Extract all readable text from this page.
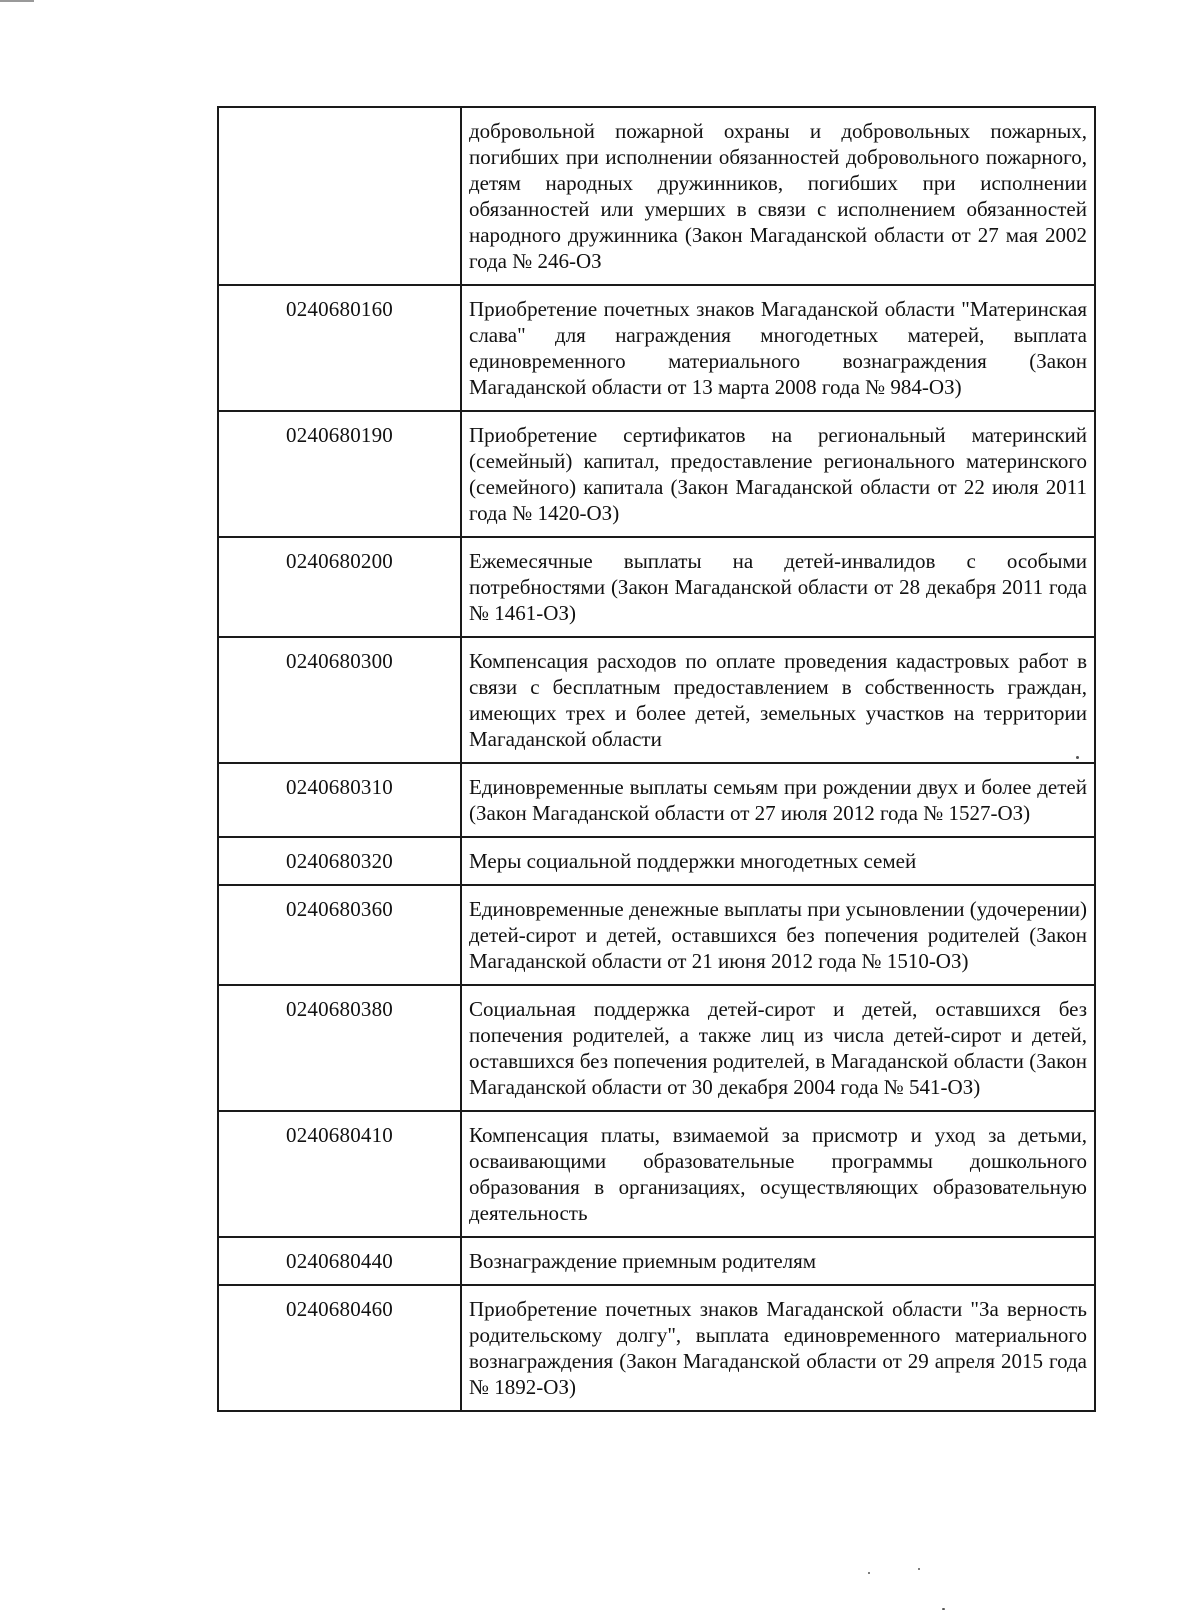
	добровольной пожарной охраны и добровольных пожарных, погибших при исполнении обязанностей добровольного пожарного, детям народных дружинников, погибших при исполнении обязанностей или умерших в связи с исполнением обязанностей народного дружинника (Закон Магаданской области от 27 мая 2002 года № 246-ОЗ
0240680160	Приобретение почетных знаков Магаданской области "Материнская слава" для награждения многодетных матерей, выплата единовременного материального вознаграждения (Закон Магаданской области от 13 марта 2008 года № 984-ОЗ)
0240680190	Приобретение сертификатов на региональный материнский (семейный) капитал, предоставление регионального материнского (семейного) капитала (Закон Магаданской области от 22 июля 2011 года № 1420-ОЗ)
0240680200	Ежемесячные выплаты на детей-инвалидов с особыми потребностями (Закон Магаданской области от 28 декабря 2011 года № 1461-ОЗ)
0240680300	Компенсация расходов по оплате проведения кадастровых работ в связи с бесплатным предоставлением в собственность граждан, имеющих трех и более детей, земельных участков на территории Магаданской области
0240680310	Единовременные выплаты семьям при рождении двух и более детей (Закон Магаданской области от 27 июля 2012 года № 1527-ОЗ)
0240680320	Меры социальной поддержки многодетных семей
0240680360	Единовременные денежные выплаты при усыновлении (удочерении) детей-сирот и детей, оставшихся без попечения родителей (Закон Магаданской области от 21 июня 2012 года № 1510-ОЗ)
0240680380	Социальная поддержка детей-сирот и детей, оставшихся без попечения родителей, а также лиц из числа детей-сирот и детей, оставшихся без попечения родителей, в Магаданской области (Закон Магаданской области от 30 декабря 2004 года № 541-ОЗ)
0240680410	Компенсация платы, взимаемой за присмотр и уход за детьми, осваивающими образовательные программы дошкольного образования в организациях, осуществляющих образовательную деятельность
0240680440	Вознаграждение приемным родителям
0240680460	Приобретение почетных знаков Магаданской области "За верность родительскому долгу", выплата единовременного материального вознаграждения (Закон Магаданской области от 29 апреля 2015 года № 1892-ОЗ)
